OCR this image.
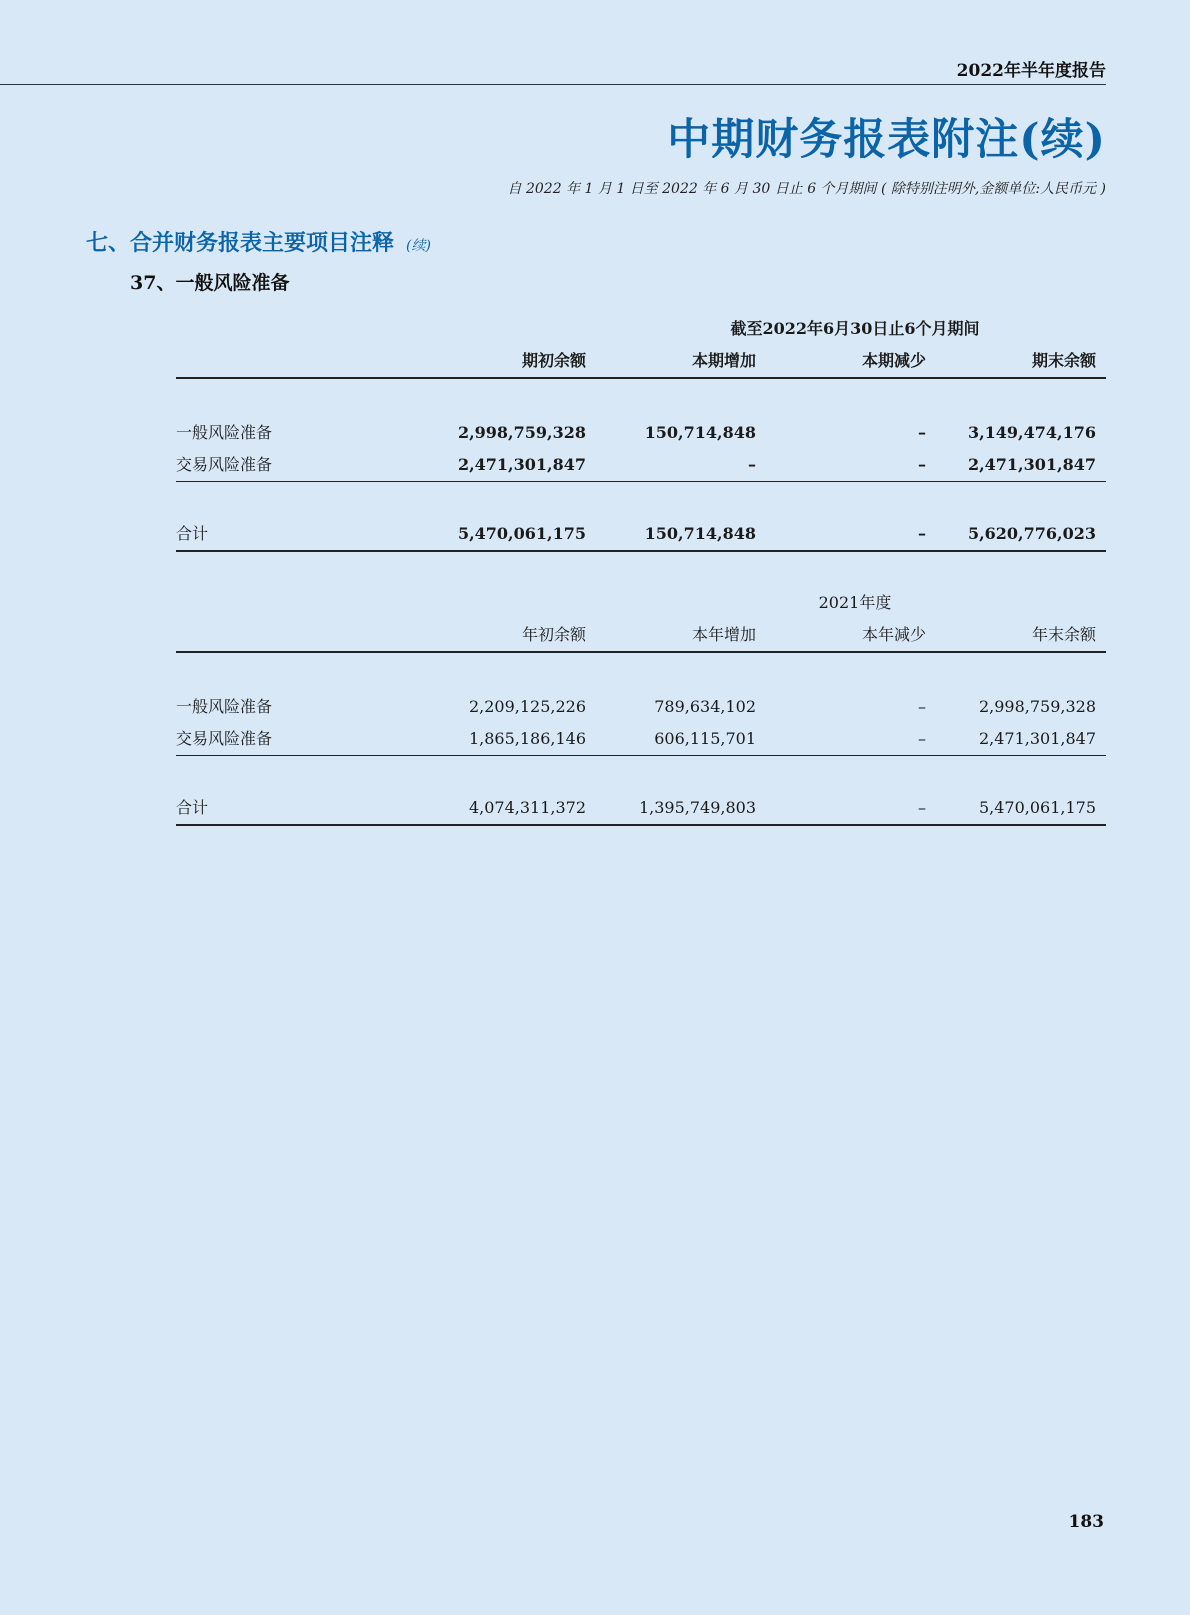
2022年半年度报告
中期财务报表附注(续)
自 2022 年 1 月 1 日至 2022 年 6 月 30 日止 6 个月期间 ( 除特别注明外,金额单位:人民币元 )
七、合并财务报表主要项目注释 (续)
37、一般风险准备
截至2022年6月30日止6个月期间
期初余额	本期增加	本期减少	期末余额
一般风险准备	2,998,759,328	150,714,848	–	3,149,474,176
交易风险准备	2,471,301,847	–	–	2,471,301,847
合计	5,470,061,175	150,714,848	–	5,620,776,023
2021年度
年初余额	本年增加	本年减少	年末余额
一般风险准备	2,209,125,226	789,634,102	–	2,998,759,328
交易风险准备	1,865,186,146	606,115,701	–	2,471,301,847
合计	4,074,311,372	1,395,749,803	–	5,470,061,175
183
